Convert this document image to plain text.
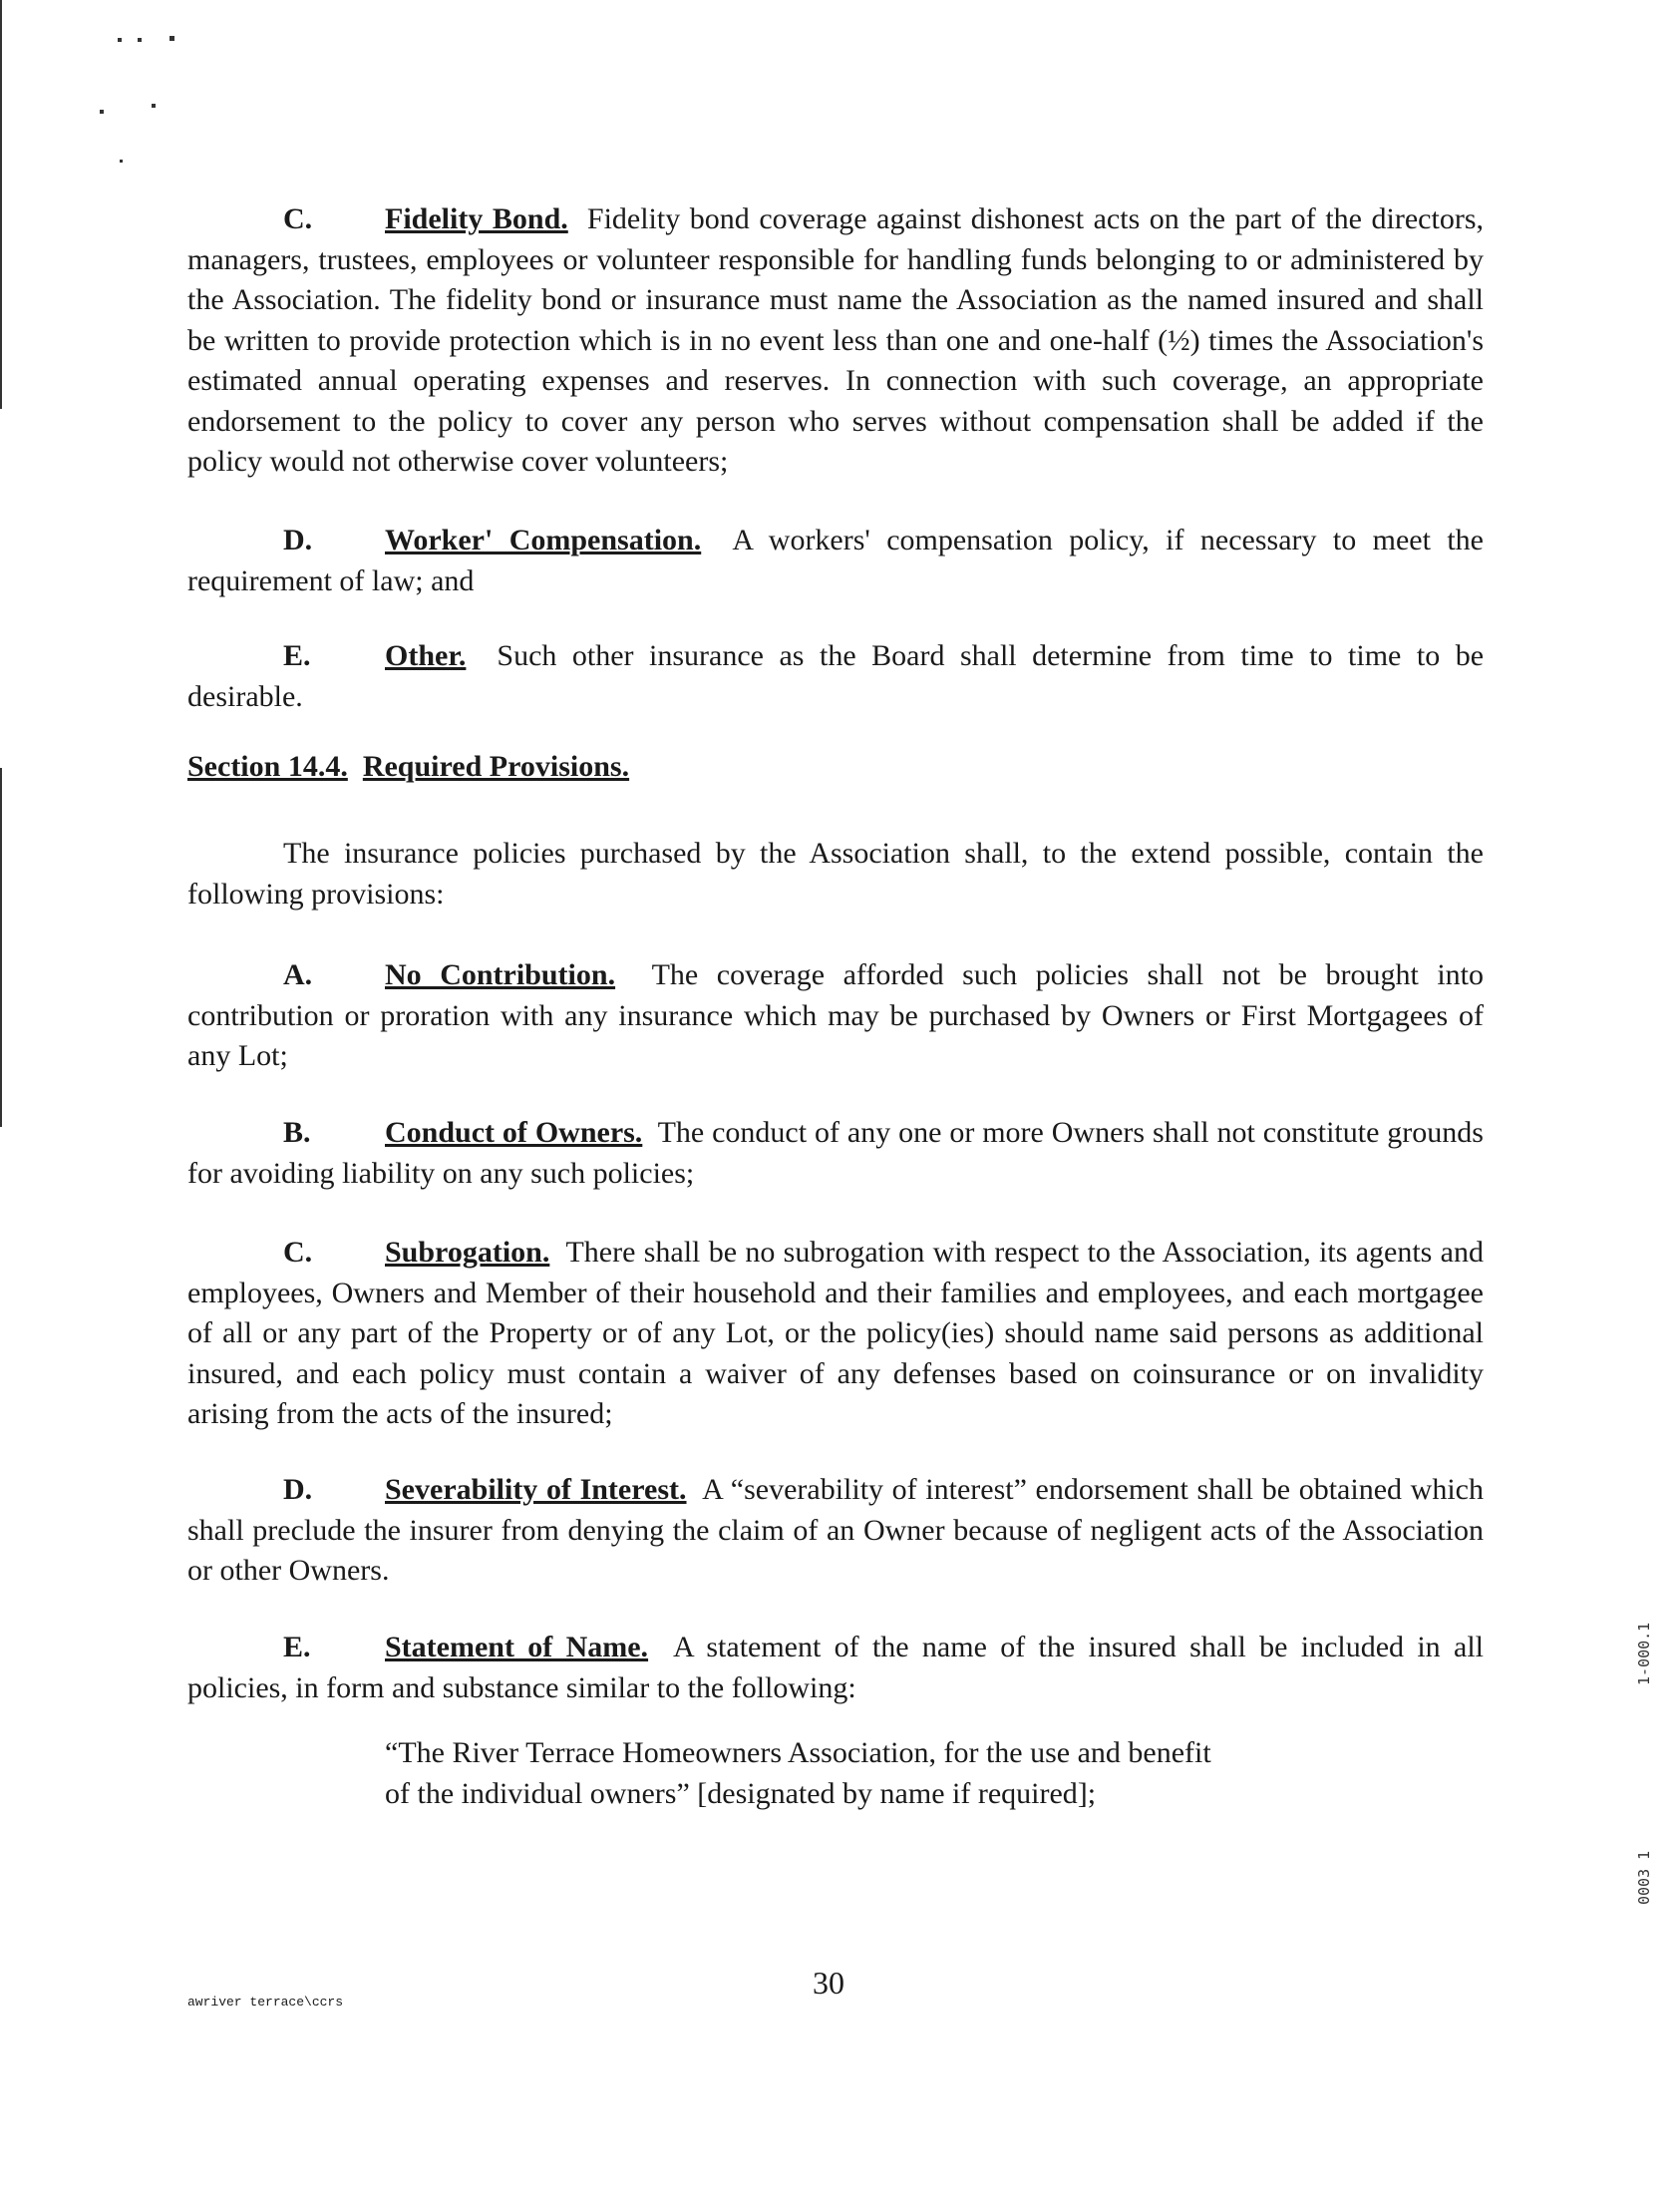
C. Fidelity Bond. Fidelity bond coverage against dishonest acts on the part of the directors, managers, trustees, employees or volunteer responsible for handling funds belonging to or administered by the Association. The fidelity bond or insurance must name the Association as the named insured and shall be written to provide protection which is in no event less than one and one-half (½) times the Association's estimated annual operating expenses and reserves. In connection with such coverage, an appropriate endorsement to the policy to cover any person who serves without compensation shall be added if the policy would not otherwise cover volunteers;

D. Worker' Compensation. A workers' compensation policy, if necessary to meet the requirement of law; and

E. Other. Such other insurance as the Board shall determine from time to time to be desirable.

Section 14.4. Required Provisions.

The insurance policies purchased by the Association shall, to the extend possible, contain the following provisions:

A. No Contribution. The coverage afforded such policies shall not be brought into contribution or proration with any insurance which may be purchased by Owners or First Mortgagees of any Lot;

B. Conduct of Owners. The conduct of any one or more Owners shall not constitute grounds for avoiding liability on any such policies;

C. Subrogation. There shall be no subrogation with respect to the Association, its agents and employees, Owners and Member of their household and their families and employees, and each mortgagee of all or any part of the Property or of any Lot, or the policy(ies) should name said persons as additional insured, and each policy must contain a waiver of any defenses based on coinsurance or on invalidity arising from the acts of the insured;

D. Severability of Interest. A “severability of interest” endorsement shall be obtained which shall preclude the insurer from denying the claim of an Owner because of negligent acts of the Association or other Owners.

E. Statement of Name. A statement of the name of the insured shall be included in all policies, in form and substance similar to the following:

“The River Terrace Homeowners Association, for the use and benefit
of the individual owners” [designated by name if required];

awriver terrace\ccrs
30
1-000.1
0003 1
